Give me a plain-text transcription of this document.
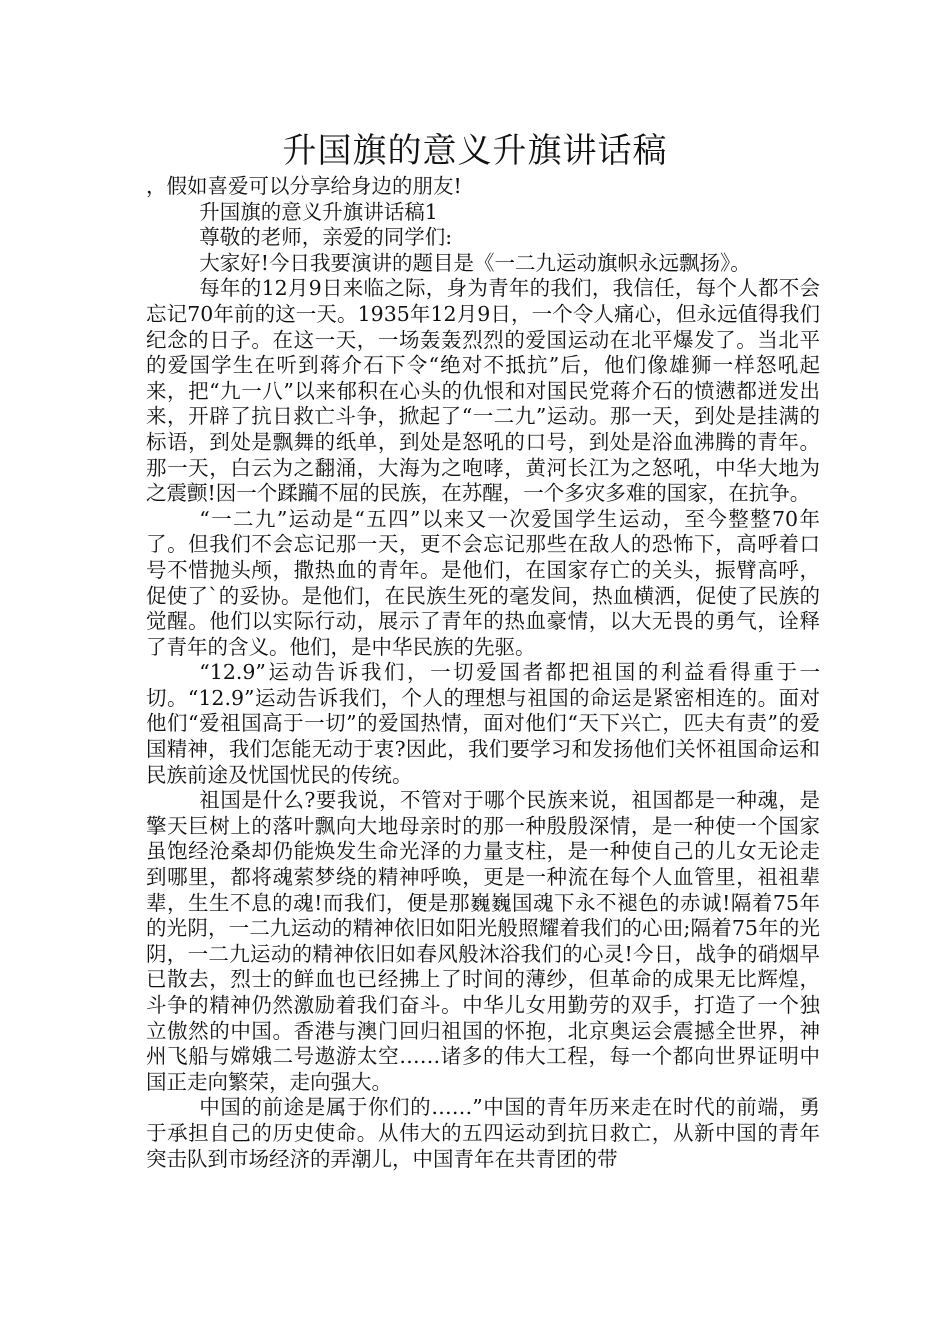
升国旗的意义升旗讲话稿

，假如喜爱可以分享给身边的朋友!

升国旗的意义升旗讲话稿1

尊敬的老师，亲爱的同学们:

大家好!今日我要演讲的题目是《一二九运动旗帜永远飘扬》。

每年的12月9日来临之际，身为青年的我们，我信任，每个人都不会忘记70年前的这一天。1935年12月9日，一个令人痛心，但永远值得我们纪念的日子。在这一天，一场轰轰烈烈的爱国运动在北平爆发了。当北平的爱国学生在听到蒋介石下令“绝对不抵抗”后，他们像雄狮一样怒吼起来，把“九一八”以来郁积在心头的仇恨和对国民党蒋介石的愤懑都迸发出来，开辟了抗日救亡斗争，掀起了“一二九”运动。那一天，到处是挂满的标语，到处是飘舞的纸单，到处是怒吼的口号，到处是浴血沸腾的青年。那一天，白云为之翻涌，大海为之咆哮，黄河长江为之怒吼，中华大地为之震颤!因一个蹂躏不屈的民族，在苏醒，一个多灾多难的国家，在抗争。

“一二九”运动是“五四”以来又一次爱国学生运动，至今整整70年了。但我们不会忘记那一天，更不会忘记那些在敌人的恐怖下，高呼着口号不惜抛头颅，撒热血的青年。是他们，在国家存亡的关头，振臂高呼，促使了`的妥协。是他们，在民族生死的毫发间，热血横洒，促使了民族的觉醒。他们以实际行动，展示了青年的热血豪情，以大无畏的勇气，诠释了青年的含义。他们，是中华民族的先驱。

“12.9”运动告诉我们，一切爱国者都把祖国的利益看得重于一切。“12.9”运动告诉我们，个人的理想与祖国的命运是紧密相连的。面对他们“爱祖国高于一切”的爱国热情，面对他们“天下兴亡，匹夫有责”的爱国精神，我们怎能无动于衷?因此，我们要学习和发扬他们关怀祖国命运和民族前途及忧国忧民的传统。

祖国是什么?要我说，不管对于哪个民族来说，祖国都是一种魂，是擎天巨树上的落叶飘向大地母亲时的那一种殷殷深情，是一种使一个国家虽饱经沧桑却仍能焕发生命光泽的力量支柱，是一种使自己的儿女无论走到哪里，都将魂萦梦绕的精神呼唤，更是一种流在每个人血管里，祖祖辈辈，生生不息的魂!而我们，便是那巍巍国魂下永不褪色的赤诚!隔着75年的光阴，一二九运动的精神依旧如阳光般照耀着我们的心田;隔着75年的光阴，一二九运动的精神依旧如春风般沐浴我们的心灵!今日，战争的硝烟早已散去，烈士的鲜血也已经拂上了时间的薄纱，但革命的成果无比辉煌，斗争的精神仍然激励着我们奋斗。中华儿女用勤劳的双手，打造了一个独立傲然的中国。香港与澳门回归祖国的怀抱，北京奥运会震撼全世界，神州飞船与嫦娥二号遨游太空……诸多的伟大工程，每一个都向世界证明中国正走向繁荣，走向强大。

中国的前途是属于你们的……”中国的青年历来走在时代的前端，勇于承担自己的历史使命。从伟大的五四运动到抗日救亡，从新中国的青年突击队到市场经济的弄潮儿，中国青年在共青团的带
